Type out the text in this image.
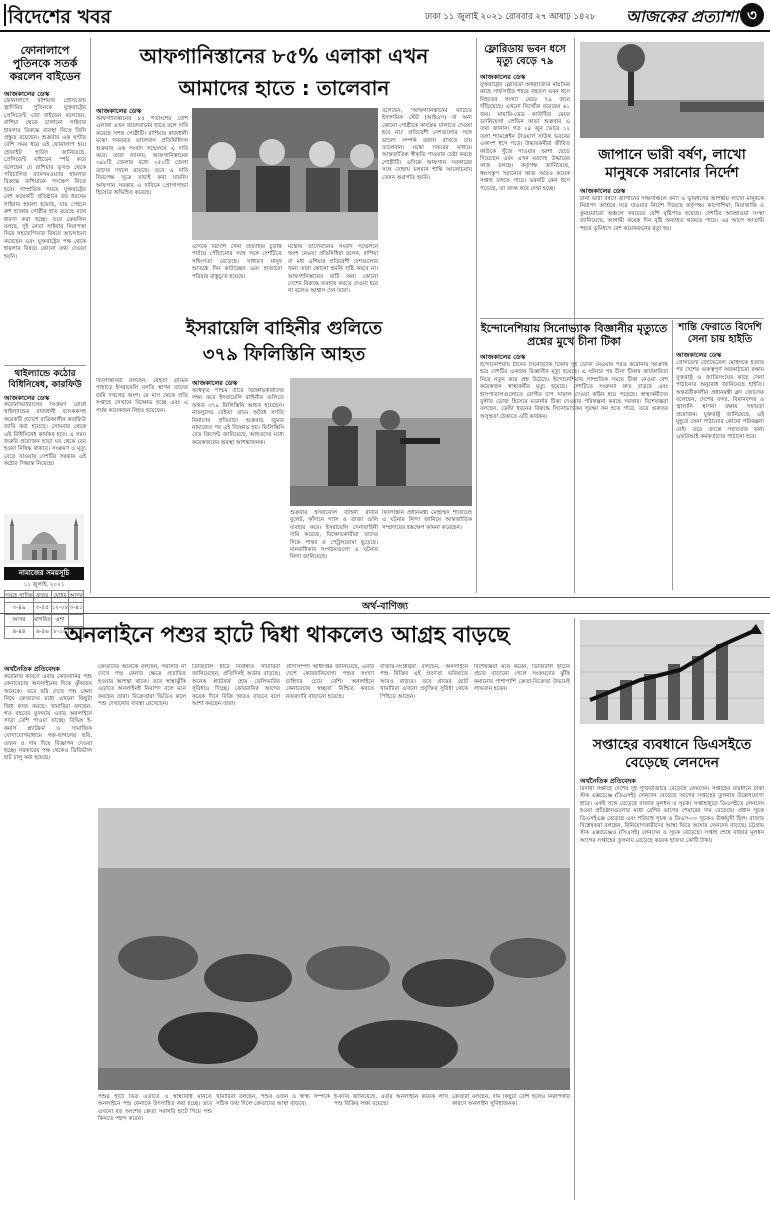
বিদেশের খবর	ঢাকা ১১ জুলাই ২০২১ রোববার ২৭ আষাঢ় ১৪২৮ আজকের প্রত্যাশা ৩
ফোনালাপে পুতিনকে সতর্ক করলেন বাইডেন
আজকালের ডেস্ক
ফোনালাপে রাশিয়ার প্রেসিডেন্ট ভ্লাদিমির পুতিনকে যুক্তরাষ্ট্রের প্রেসিডেন্ট জো বাইডেন বলেছেন, রাশিয়া থেকে চালানো সাইবার হামলার বিরুদ্ধে ব্যবস্থা নিতে তিনি প্রস্তুত রয়েছেন। শুক্রবার এক ঘণ্টার বেশি সময় ধরে এই ফোনালাপ হয়। হোয়াইট হাউস জানিয়েছে, প্রেসিডেন্ট বাইডেন স্পষ্ট করে বলেছেন যে রাশিয়ার ভূখণ্ড থেকে পরিচালিত র‍্যানসমওয়্যার হামলার বিরুদ্ধে রাশিয়াকে পদক্ষেপ নিতে হবে। সাম্প্রতিক সময়ে যুক্তরাষ্ট্রের বেশ কয়েকটি প্রতিষ্ঠানে বড় ধরনের সাইবার হামলা হয়েছে, যার পেছনে রুশ হ্যাকার গোষ্ঠীর হাত রয়েছে বলে ধারণা করা হচ্ছে। তবে ক্রেমলিন বলছে, দুই নেতা সাইবার নিরাপত্তা নিয়ে সহযোগিতার বিষয়ে আলোচনা করেছেন এবং যুক্তরাষ্ট্রের পক্ষ থেকে হামলার বিষয়ে কোনো তথ্য দেওয়া হয়নি।
থাইল্যান্ডে কঠোর বিধিনিষেধ, কারফিউ
আজকালের ডেস্ক
করোনাভাইরাসের সংক্রমণ রোধে থাইল্যান্ডের রাজধানী ব্যাংককসহ কয়েকটি প্রদেশে রাত্রিকালীন কারফিউ জারি করা হয়েছে। সোমবার থেকে এই বিধিনিষেধ কার্যকর হবে। এ সময় জরুরি প্রয়োজন ছাড়া ঘর থেকে বের হওয়া নিষিদ্ধ থাকবে। সংক্রমণ ও মৃত্যু বেড়ে যাওয়ায় দেশটির সরকার এই কঠোর সিদ্ধান্ত নিয়েছে।
নামাজের সময়সূচি
১১ জুলাই, ২০২১
সুবহে সাদিক	ফজর	যোহর	আসর
৩-৪৯	৩-৫৫	১২-০৮	৩-৪১
আসর	মাগরিব	এশা	
৪-৪৪	৬-৫৬	৮-১৬	
আফগানিস্তানের ৮৫% এলাকা এখন
আমাদের হাতে : তালেবান
আজকালের ডেস্ক
আফগানিস্তানের ৮৫ শতাংশের বেশি এলাকা এখন তালেবানের হাতে বলে দাবি করেছে সশস্ত্র গোষ্ঠীটি। রাশিয়ার রাজধানী মস্কো সফররত তালেবান প্রতিনিধিদল শুক্রবার এক সংবাদ সম্মেলনে এ দাবি করে। তারা জানায়, আফগানিস্তানের ৩৯৮টি জেলার মধ্যে ২৫০টি জেলা তাদের দখলে রয়েছে। তবে এ দাবি নিরপেক্ষ সূত্রে যাচাই করা যায়নি। আফগান সরকার এ দাবিকে প্রোপাগান্ডা হিসেবে অভিহিত করেছে।
এদিকে বিদেশি সেনা প্রত্যাহার চূড়ান্ত পর্যায়ে পৌঁছানোর সঙ্গে সঙ্গে দেশটিতে সহিংসতা বেড়েছে। সাধারণ মানুষ আতঙ্কে দিন কাটাচ্ছেন এবং হাজারো পরিবার বাস্তুচ্যুত হয়েছে।
মস্কোয় তালেবানের সংবাদ সম্মেলনে অংশ নেওয়া প্রতিনিধিরা বলেন, রাশিয়া বা মধ্য এশিয়ার প্রতিবেশী দেশগুলোর জন্য তারা কোনো হুমকি সৃষ্টি করবে না। আফগানিস্তানের মাটি অন্য কোনো দেশের বিরুদ্ধে ব্যবহার করতে দেওয়া হবে না বলেও আশ্বাস দেন তারা।
বলেছেন, 'আফগানিস্তানের মাটিতে ইসলামিক স্টেট (আইএস) বা অন্য কোনো গোষ্ঠীকে কার্যক্রম চালাতে দেওয়া হবে না।' প্রতিবেশী দেশগুলোর সঙ্গে ভালো সম্পর্ক বজায় রাখতে চায় তালেবান। মস্কো সফরের মাধ্যমে আন্তর্জাতিক স্বীকৃতি পাওয়ার চেষ্টা করছে গোষ্ঠীটি। এদিকে আফগান সরকারের সঙ্গে দোহায় চলমান শান্তি আলোচনায় তেমন অগ্রগতি হয়নি।
ইসরায়েলি বাহিনীর গুলিতে
৩৭৯ ফিলিস্তিনি আহত
আজকালের ডেস্ক
অধিকৃত পশ্চিম তীরে বিক্ষোভকারীদের লক্ষ্য করে ইসরায়েলি বাহিনীর গুলিতে অন্তত ৩৭৯ ফিলিস্তিনি আহত হয়েছেন। নাবলুসের বেইতা গ্রামে অবৈধ বসতি নির্মাণের প্রতিবাদে শুক্রবার জুমার নামাজের পর এই বিক্ষোভ হয়। ফিলিস্তিনি রেড ক্রিসেন্ট জানিয়েছে, আহতদের মধ্যে কয়েকজনের অবস্থা আশঙ্কাজনক।
ফিলিস্তিনিরা বলছেন, বেইতা গ্রামের পাহাড়ে ইসরায়েলি বসতি স্থাপন তাদের জমি দখলের অংশ। মে মাস থেকে প্রতি সপ্তাহে সেখানে বিক্ষোভ হচ্ছে এবং এ পর্যন্ত কয়েকজন নিহত হয়েছেন।
শুক্রবার ইসরায়েলি বাহিনী রাবার বুলেট, কাঁদানে গ্যাস ও তাজা গুলি ব্যবহার করে। ইসরায়েলি সেনাবাহিনী দাবি করেছে, বিক্ষোভকারীরা তাদের দিকে পাথর ও পেট্রলবোমা ছুড়েছে। মানবাধিকার সংগঠনগুলো এ ঘটনার নিন্দা জানিয়েছে।
ফিলিস্তিনি প্রধানমন্ত্রী মোহাম্মদ শাতায়েহ এ ঘটনার নিন্দা জানিয়ে আন্তর্জাতিক সম্প্রদায়ের হস্তক্ষেপ কামনা করেছেন।
ফ্লোরিডায় ভবন ধসে মৃত্যু বেড়ে ৭৯
আজকালের ডেস্ক
যুক্তরাষ্ট্রের ফ্লোরিডা অঙ্গরাজ্যের মায়ামির কাছে সার্ফসাইড শহরে বহুতল ভবন ধসে নিহতের সংখ্যা বেড়ে ৭৯ জনে দাঁড়িয়েছে। এখনো নিখোঁজ রয়েছেন ৬১ জন। মায়ামি-ডেড কাউন্টির মেয়র ড্যানিয়েলা লেভিন কাভা শুক্রবার এ তথ্য জানান। গত ২৪ জুন ভোরে ১২ তলা শ্যামপ্লেইন টাওয়ার্স সাউথ ভবনের একাংশ ধসে পড়ে। উদ্ধারকর্মীরা জীবিত কাউকে খুঁজে পাওয়ার আশা ছেড়ে দিয়েছেন এবং এখন মরদেহ উদ্ধারের কাজ চলছে। কর্তৃপক্ষ জানিয়েছে, ধ্বংসস্তূপ সরানোর কাজ আরও কয়েক সপ্তাহ চলতে পারে। ভবনটি কেন ধসে পড়েছে, তা তদন্ত করে দেখা হচ্ছে।
জাপানে ভারী বর্ষণ, লাখো মানুষকে সরানোর নির্দেশ
আজকালের ডেস্ক
টানা ভারী বর্ষণে জাপানের দক্ষিণাঞ্চলে বন্যা ও ভূমিধসের আশঙ্কায় লাখো মানুষকে নিরাপদ আশ্রয়ে সরে যাওয়ার নির্দেশ দিয়েছে কর্তৃপক্ষ। কাগোশিমা, মিয়াজাকি ও কুমামোতো অঞ্চলে সবচেয়ে বেশি বৃষ্টিপাত হয়েছে। দেশটির আবহাওয়া সংস্থা জানিয়েছে, আগামী কয়েক দিন বৃষ্টি অব্যাহত থাকতে পারে। এর আগে আতামি শহরে ভূমিধসে বেশ কয়েকজনের মৃত্যু হয়।
ইন্দোনেশিয়ায় সিনোভ্যাক বিজ্ঞানীর মৃত্যুতে প্রশ্নের মুখে চীনা টিকা
আজকালের ডেস্ক
ইন্দোনেশিয়ায় চীনের সিনোভ্যাক টিকার দুই ডোজ নেওয়ার পরও করোনায় আক্রান্ত হয়ে দেশটির একজন বিজ্ঞানীর মৃত্যু হয়েছে। এ ঘটনার পর চীনা টিকার কার্যকারিতা নিয়ে নতুন করে প্রশ্ন উঠেছে। ইন্দোনেশিয়ায় সাম্প্রতিক সময়ে টিকা নেওয়া বেশ কয়েকজন স্বাস্থ্যকর্মীর মৃত্যু হয়েছে। দেশটিতে সংক্রমণ দ্রুত বাড়ছে এবং হাসপাতালগুলোতে রোগীর চাপ সামাল দেওয়া কঠিন হয়ে পড়েছে। স্বাস্থ্যকর্মীদের বুস্টার ডোজ হিসেবে মডার্নার টিকা দেওয়ার পরিকল্পনা করছে সরকার। বিশেষজ্ঞরা বলছেন, ডেল্টা ধরনের বিরুদ্ধে সিনোভ্যাকের সুরক্ষা কম হতে পারে, তবে গুরুতর অসুস্থতা ঠেকাতে এটি কার্যকর।
শান্তি ফেরাতে বিদেশি সেনা চায় হাইতি
আজকালের ডেস্ক
প্রেসিডেন্ট জোভেনেল মোইসকে হত্যার পর দেশের গুরুত্বপূর্ণ অবকাঠামো রক্ষায় যুক্তরাষ্ট্র ও জাতিসংঘের কাছে সেনা পাঠানোর অনুরোধ জানিয়েছে হাইতি। অন্তর্বর্তীকালীন প্রধানমন্ত্রী ক্লদ জোসেফ বলেছেন, দেশের বন্দর, বিমানবন্দর ও জ্বালানি স্থাপনা রক্ষায় সহায়তা প্রয়োজন। যুক্তরাষ্ট্র জানিয়েছে, এই মুহূর্তে সেনা পাঠানোর কোনো পরিকল্পনা নেই। তবে তদন্তে সহায়তার জন্য এফবিআই কর্মকর্তাদের পাঠানো হবে।
অর্থ-বাণিজ্য
অনলাইনে পশুর হাটে দ্বিধা থাকলেও আগ্রহ বাড়ছে
অর্থনৈতিক প্রতিবেদক
করোনার কারণে এবার কোরবানির পশু কেনাবেচায় অনলাইনের দিকে ঝুঁকছেন অনেকে। তবে ছবি দেখে পশু কেনা নিয়ে ক্রেতাদের মধ্যে এখনো কিছুটা দ্বিধা কাজ করছে। খামারিরা বলছেন, গত বছরের তুলনায় এবার অনলাইনে সাড়া বেশি পাওয়া যাচ্ছে। বিভিন্ন ই-কমার্স প্ল্যাটফর্ম ও সামাজিক যোগাযোগমাধ্যমে গরু-ছাগলের ছবি, ওজন ও দাম দিয়ে বিজ্ঞাপন দেওয়া হচ্ছে। সরকারের পক্ষ থেকেও ডিজিটাল হাট চালু করা হয়েছে।
ক্রেতাদের অনেকে বলছেন, সরাসরি না দেখে পশু কেনার ক্ষেত্রে প্রতারিত হওয়ার আশঙ্কা থাকে। তবে স্বাস্থ্যঝুঁকি এড়াতে অনলাইনই নিরাপদ বলে মনে করছেন তারা। বিক্রেতারা ভিডিও কলে পশু দেখানোর ব্যবস্থা রেখেছেন।
ডিজিটাল হাটে নিবন্ধিত খামারিরা জানিয়েছেন, প্রতিদিনই অর্ডার বাড়ছে। অনেক প্ল্যাটফর্ম হোম ডেলিভারির সুবিধাও দিচ্ছে। কোরবানির আগের কয়েক দিনে বিক্রি আরও বাড়বে বলে আশা করছেন তারা।
প্রাণিসম্পদ অধিদপ্তর জানিয়েছে, এবার দেশে কোরবানিযোগ্য পশুর সংখ্যা চাহিদার চেয়ে বেশি। অনলাইনে কেনাবেচায় স্বচ্ছতা নিশ্চিত করতে নজরদারি বাড়ানো হয়েছে।
বাজার-সংশ্লিষ্টরা বলছেন, অনলাইনে পশু বিক্রির এই প্রবণতা ভবিষ্যতে আরও বাড়বে। তবে গ্রামের ছোট খামারিরা এখনো প্রযুক্তির সুবিধা থেকে পিছিয়ে আছেন।
বিশেষজ্ঞরা মনে করেন, ডিজিটাল হাটের প্রচার বাড়ানো গেলে সংক্রমণের ঝুঁকি কমানোর পাশাপাশি ক্রেতা-বিক্রেতা উভয়েই লাভবান হবেন।
পশুর হাটে ভিড় এড়াতে ও স্বাস্থ্যবিধি মানতে অনলাইনে পশু কেনাকে উৎসাহিত করা হচ্ছে। তবে এখনো বড় অংশের ক্রেতা সরাসরি হাটে গিয়ে পশু কিনতে পছন্দ করেন।
খামারিরা বলছেন, পশুর ওজন ও স্বাস্থ্য সম্পর্কে সঠিক তথ্য দিলে ক্রেতাদের আস্থা বাড়বে।
ই-ক্যাব জানিয়েছে, এবার অনলাইনে কয়েক লাখ পশু বিক্রির লক্ষ্য রয়েছে।
ক্রেতারা বলছেন, দাম কিছুটা বেশি হলেও নিরাপত্তার কারণে অনলাইন সুবিধাজনক।
সপ্তাহের ব্যবধানে ডিএসইতে বেড়েছে লেনদেন
অর্থনৈতিক প্রতিবেদক
বিদায়ী সপ্তাহে দেশের দুই পুঁজিবাজারে বেড়েছে লেনদেন। সপ্তাহের ব্যবধানে ঢাকা স্টক এক্সচেঞ্জে (ডিএসই) লেনদেন বেড়েছে আগের সপ্তাহের তুলনায় উল্লেখযোগ্য হারে। একই সঙ্গে বেড়েছে বাজার মূলধন ও সূচক। সপ্তাহজুড়ে ডিএসইতে লেনদেন হওয়া প্রতিষ্ঠানগুলোর মধ্যে বেশির ভাগের শেয়ারের দাম বেড়েছে। প্রধান সূচক ডিএসইএক্স বেড়েছে এবং শরিয়াহ সূচক ও ডিএস-৩০ সূচকও ঊর্ধ্বমুখী ছিল। বাজার বিশ্লেষকরা বলছেন, বিনিয়োগকারীদের আস্থা ফিরে আসায় লেনদেন বাড়ছে। চট্টগ্রাম স্টক এক্সচেঞ্জেও (সিএসই) লেনদেন ও সূচক বেড়েছে। সপ্তাহ শেষে বাজার মূলধন আগের সপ্তাহের তুলনায় বেড়েছে কয়েক হাজার কোটি টাকা।
